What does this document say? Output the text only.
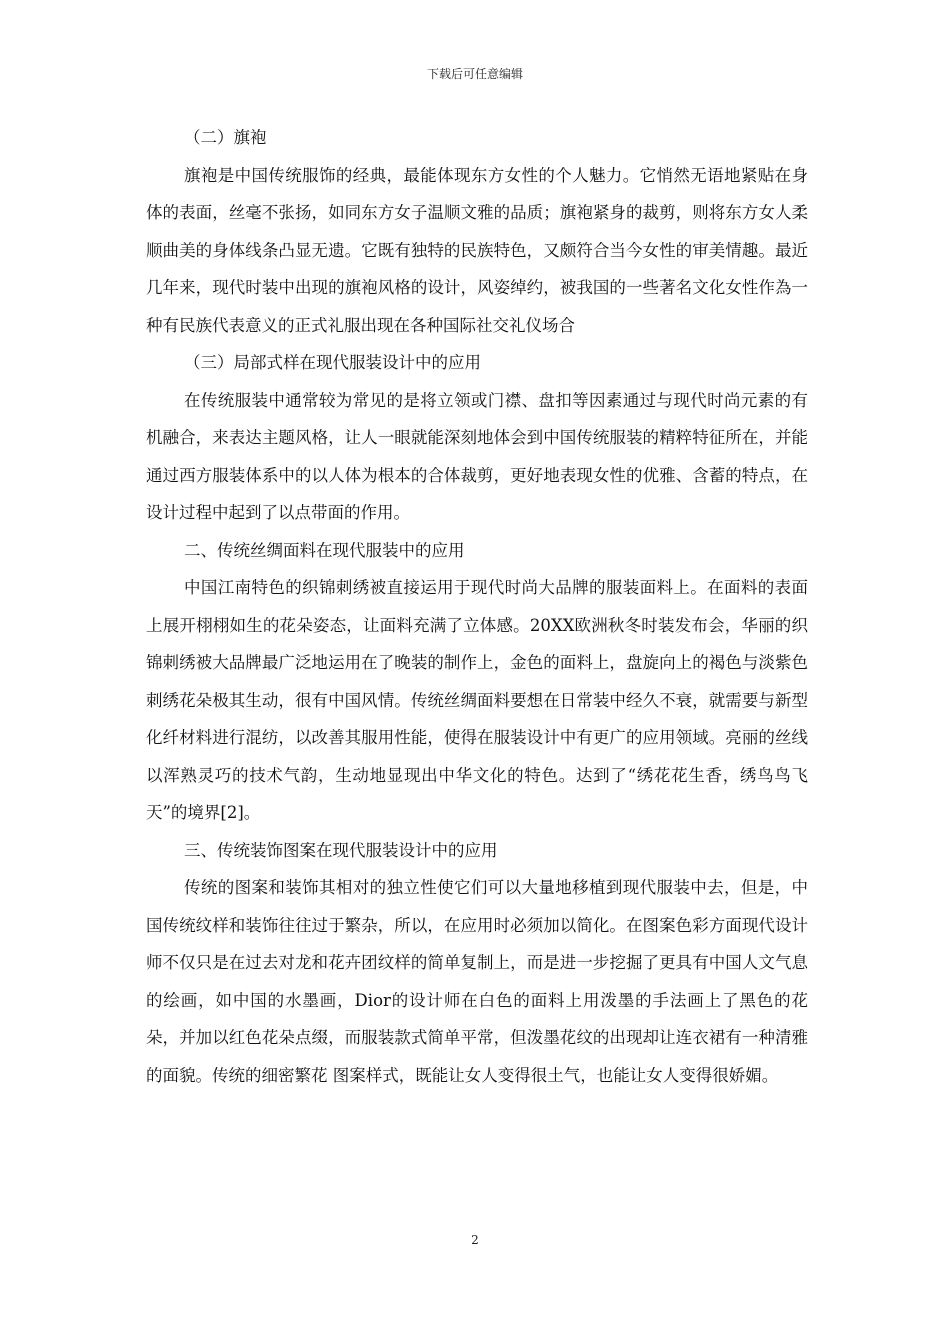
下载后可任意编辑
（二）旗袍
旗袍是中国传统服饰的经典，最能体现东方女性的个人魅力。它悄然无语地紧贴在身体的表面，丝毫不张扬，如同东方女子温顺文雅的品质；旗袍紧身的裁剪，则将东方女人柔顺曲美的身体线条凸显无遗。它既有独特的民族特色，又颇符合当今女性的审美情趣。最近几年来，现代时装中出现的旗袍风格的设计，风姿绰约，被我国的一些著名文化女性作為一种有民族代表意义的正式礼服出现在各种国际社交礼仪场合
（三）局部式样在现代服装设计中的应用
在传统服装中通常较为常见的是将立领或门襟、盘扣等因素通过与现代时尚元素的有机融合，来表达主题风格，让人一眼就能深刻地体会到中国传统服装的精粹特征所在，并能通过西方服装体系中的以人体为根本的合体裁剪，更好地表现女性的优雅、含蓄的特点，在设计过程中起到了以点带面的作用。
二、传统丝绸面料在现代服装中的应用
中国江南特色的织锦刺绣被直接运用于现代时尚大品牌的服装面料上。在面料的表面上展开栩栩如生的花朵姿态，让面料充满了立体感。20XX欧洲秋冬时装发布会，华丽的织锦刺绣被大品牌最广泛地运用在了晚装的制作上，金色的面料上，盘旋向上的褐色与淡紫色刺绣花朵极其生动，很有中国风情。传统丝绸面料要想在日常装中经久不衰，就需要与新型化纤材料进行混纺，以改善其服用性能，使得在服装设计中有更广的应用领域。亮丽的丝线以浑熟灵巧的技术气韵，生动地显现出中华文化的特色。达到了“绣花花生香，绣鸟鸟飞天”的境界[2]。
三、传统装饰图案在现代服装设计中的应用
传统的图案和装饰其相对的独立性使它们可以大量地移植到现代服装中去，但是，中国传统纹样和装饰往往过于繁杂，所以，在应用时必须加以简化。在图案色彩方面现代设计师不仅只是在过去对龙和花卉团纹样的简单复制上，而是进一步挖掘了更具有中国人文气息的绘画，如中国的水墨画，Dior的设计师在白色的面料上用泼墨的手法画上了黑色的花朵，并加以红色花朵点缀，而服装款式简单平常，但泼墨花纹的出现却让连衣裙有一种清雅的面貌。传统的细密繁花 图案样式，既能让女人变得很土气，也能让女人变得很娇媚。
2
